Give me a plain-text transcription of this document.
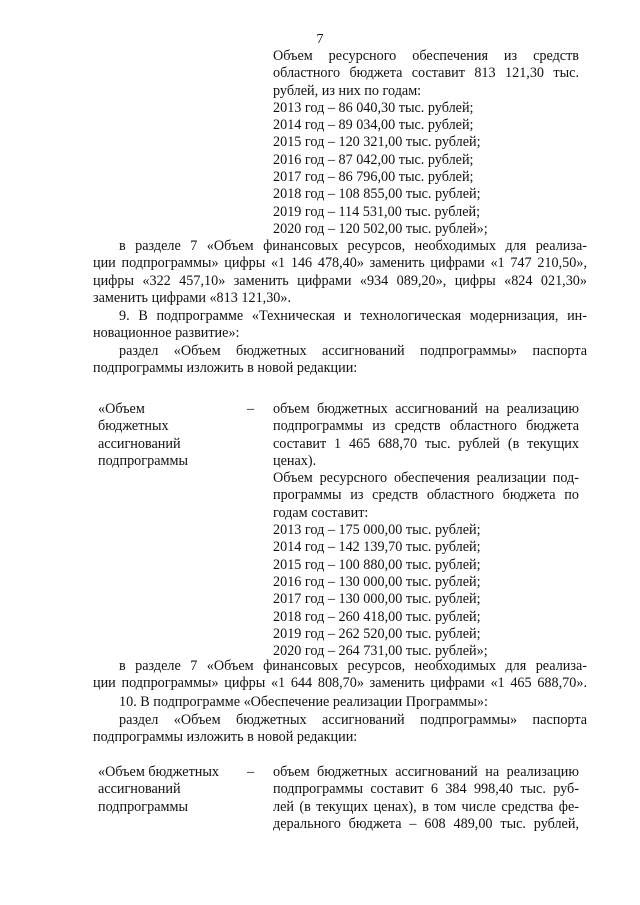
7
Объем ресурсного обеспечения из средств
областного бюджета составит 813 121,30 тыс.
рублей, из них по годам:
2013 год – 86 040,30 тыс. рублей;
2014 год – 89 034,00 тыс. рублей;
2015 год – 120 321,00 тыс. рублей;
2016 год – 87 042,00 тыс. рублей;
2017 год – 86 796,00 тыс. рублей;
2018 год – 108 855,00 тыс. рублей;
2019 год – 114 531,00 тыс. рублей;
2020 год – 120 502,00 тыс. рублей»;
в разделе 7 «Объем финансовых ресурсов, необходимых для реализа-
ции подпрограммы» цифры «1 146 478,40» заменить цифрами «1 747 210,50»,
цифры «322 457,10» заменить цифрами «934 089,20», цифры «824 021,30»
заменить цифрами «813 121,30».
9. В подпрограмме «Техническая и технологическая модернизация, ин-
новационное развитие»:
раздел «Объем бюджетных ассигнований подпрограммы» паспорта
подпрограммы изложить в новой редакции:
«Объем
бюджетных
ассигнований
подпрограммы
– объем бюджетных ассигнований на реализацию
подпрограммы из средств областного бюджета
составит 1 465 688,70 тыс. рублей (в текущих
ценах).
Объем ресурсного обеспечения реализации под-
программы из средств областного бюджета по
годам составит:
2013 год – 175 000,00 тыс. рублей;
2014 год – 142 139,70 тыс. рублей;
2015 год – 100 880,00 тыс. рублей;
2016 год – 130 000,00 тыс. рублей;
2017 год – 130 000,00 тыс. рублей;
2018 год – 260 418,00 тыс. рублей;
2019 год – 262 520,00 тыс. рублей;
2020 год – 264 731,00 тыс. рублей»;
в разделе 7 «Объем финансовых ресурсов, необходимых для реализа-
ции подпрограммы» цифры «1 644 808,70» заменить цифрами «1 465 688,70».
10. В подпрограмме «Обеспечение реализации Программы»:
раздел «Объем бюджетных ассигнований подпрограммы» паспорта
подпрограммы изложить в новой редакции:
«Объем бюджетных
ассигнований
подпрограммы
– объем бюджетных ассигнований на реализацию
подпрограммы составит 6 384 998,40 тыс. руб-
лей (в текущих ценах), в том числе средства фе-
дерального бюджета – 608 489,00 тыс. рублей,
